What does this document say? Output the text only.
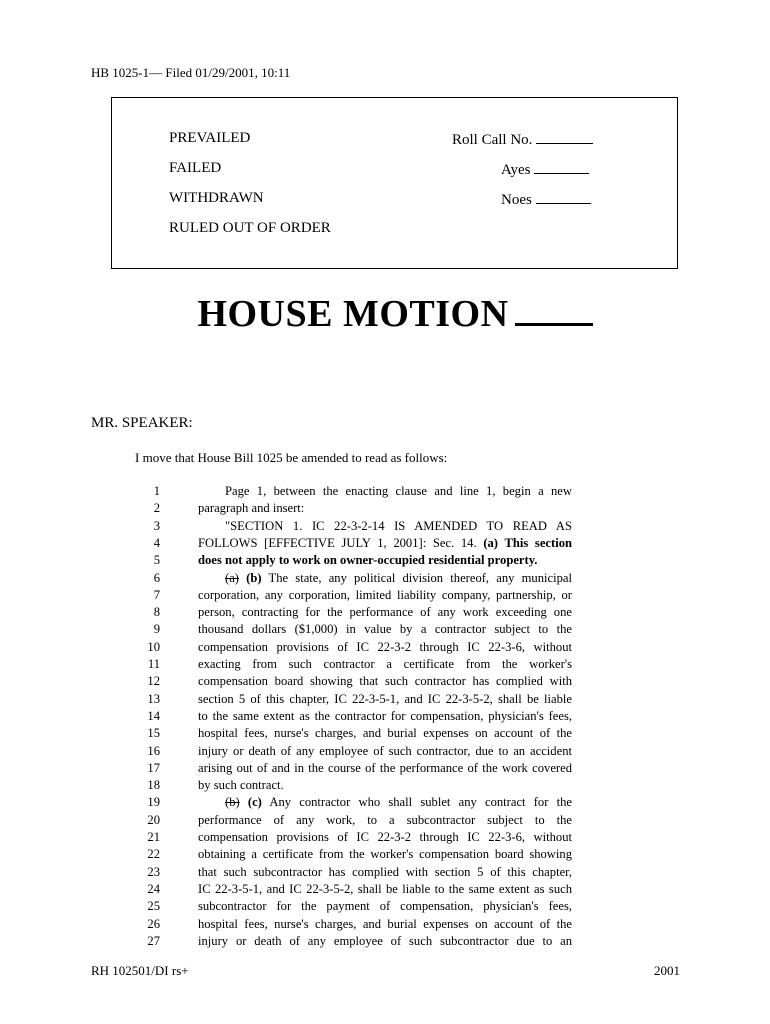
HB 1025-1— Filed 01/29/2001, 10:11
PREVAILED
FAILED
WITHDRAWN
RULED OUT OF ORDER
Roll Call No.
Ayes
Noes
HOUSE MOTION
MR. SPEAKER:
I move that House Bill 1025 be amended to read as follows:
1	Page 1, between the enacting clause and line 1, begin a new
2	paragraph and insert:
3	"SECTION 1. IC 22-3-2-14 IS AMENDED TO READ AS
4	FOLLOWS [EFFECTIVE JULY 1, 2001]: Sec. 14. (a) This section
5	does not apply to work on owner-occupied residential property.
6	(a) (b) The state, any political division thereof, any municipal
7	corporation, any corporation, limited liability company, partnership, or
8	person, contracting for the performance of any work exceeding one
9	thousand dollars ($1,000) in value by a contractor subject to the
10	compensation provisions of IC 22-3-2 through IC 22-3-6, without
11	exacting from such contractor a certificate from the worker's
12	compensation board showing that such contractor has complied with
13	section 5 of this chapter, IC 22-3-5-1, and IC 22-3-5-2, shall be liable
14	to the same extent as the contractor for compensation, physician's fees,
15	hospital fees, nurse's charges, and burial expenses on account of the
16	injury or death of any employee of such contractor, due to an accident
17	arising out of and in the course of the performance of the work covered
18	by such contract.
19	(b) (c) Any contractor who shall sublet any contract for the
20	performance of any work, to a subcontractor subject to the
21	compensation provisions of IC 22-3-2 through IC 22-3-6, without
22	obtaining a certificate from the worker's compensation board showing
23	that such subcontractor has complied with section 5 of this chapter,
24	IC 22-3-5-1, and IC 22-3-5-2, shall be liable to the same extent as such
25	subcontractor for the payment of compensation, physician's fees,
26	hospital fees, nurse's charges, and burial expenses on account of the
27	injury or death of any employee of such subcontractor due to an
RH 102501/DI rs+	2001
